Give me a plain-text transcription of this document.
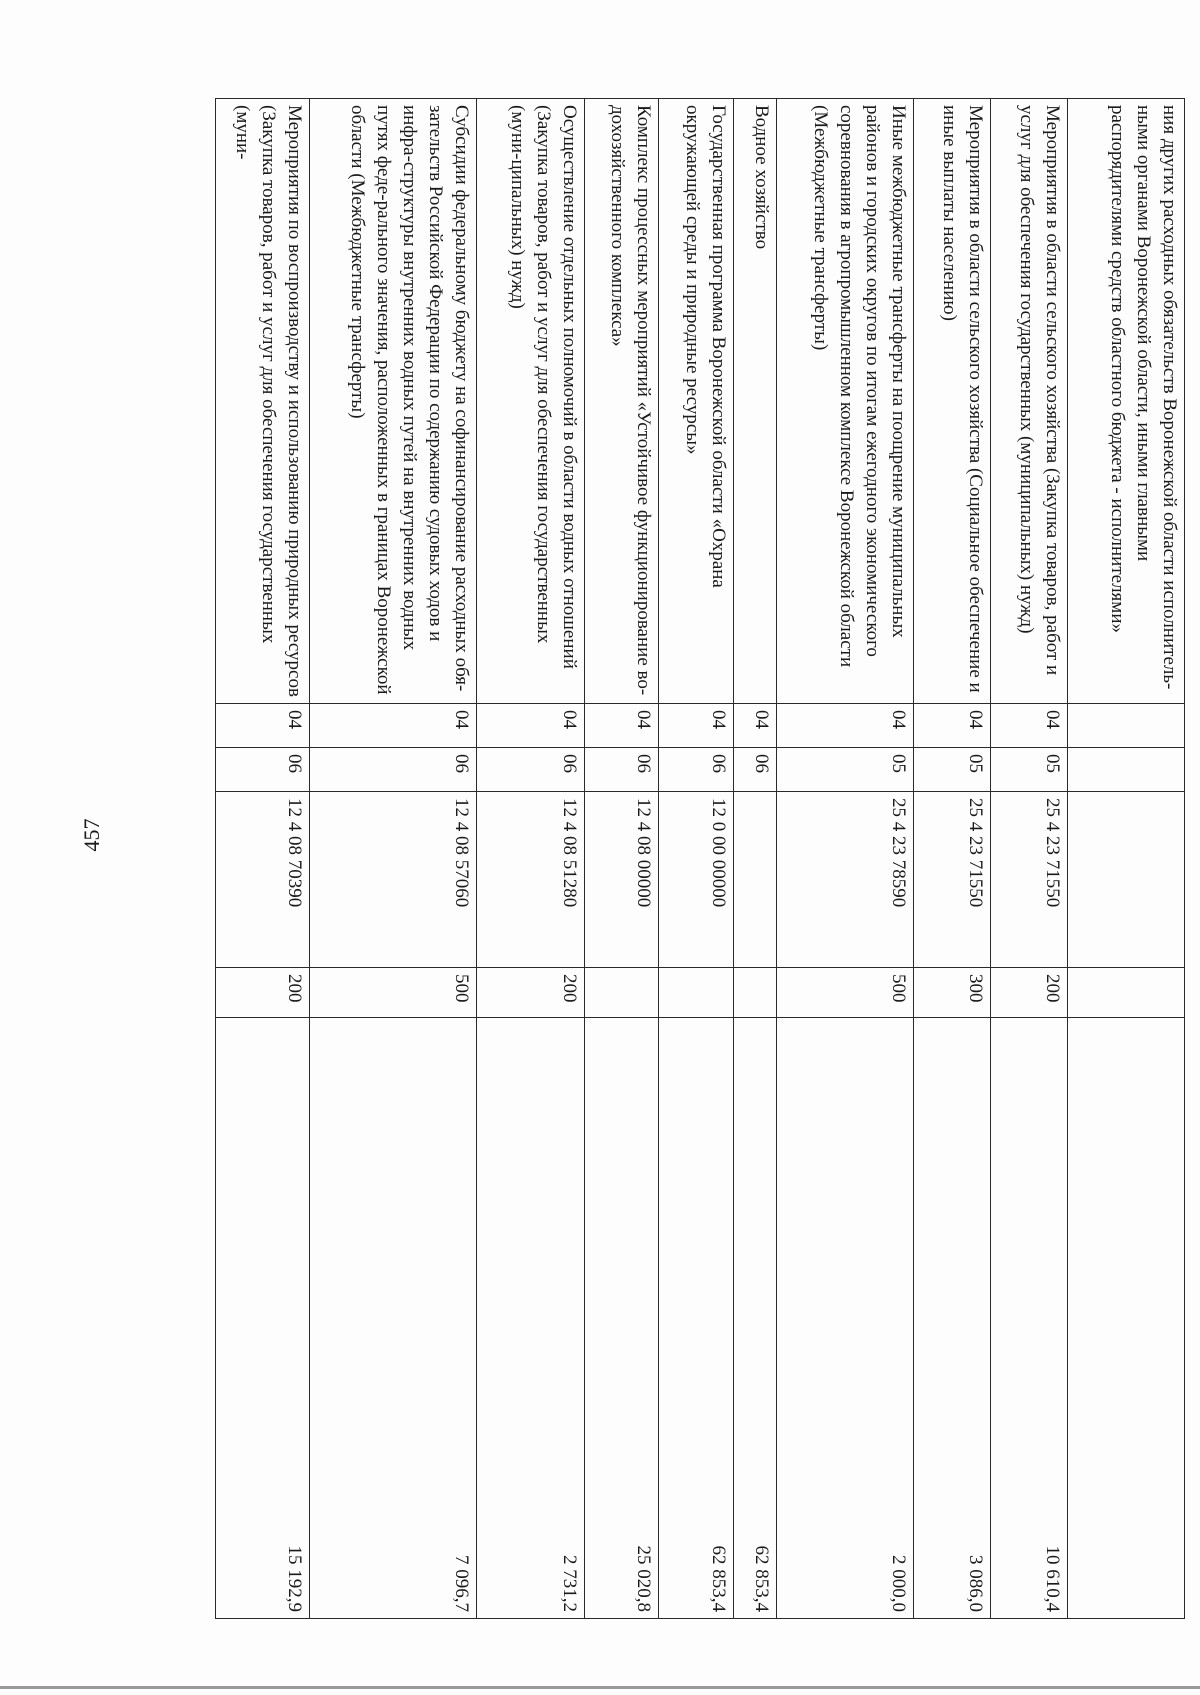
457
ния других расходных обязательств Воронежской области исполнитель-ными органами Воронежской области, иными главными распорядителями средств областного бюджета - исполнителями»					
Мероприятия в области сельского хозяйства (Закупка товаров, работ и услуг для обеспечения государственных (муниципальных) нужд)	04	05	25 4 23 71550	200	10 610,4
Мероприятия в области сельского хозяйства (Социальное обеспечение и иные выплаты населению)	04	05	25 4 23 71550	300	3 086,0
Иные межбюджетные трансферты на поощрение муниципальных районов и городских округов по итогам ежегодного экономического соревнования в агропромышленном комплексе Воронежской области (Межбюджетные трансферты)	04	05	25 4 23 78590	500	2 000,0
Водное хозяйство	04	06			62 853,4
Государственная программа Воронежской области «Охрана окружающей среды и природные ресурсы»	04	06	12 0 00 00000		62 853,4
Комплекс процессных мероприятий «Устойчивое функционирование во-дохозяйственного комплекса»	04	06	12 4 08 00000		25 020,8
Осуществление отдельных полномочий в области водных отношений (Закупка товаров, работ и услуг для обеспечения государственных (муни-ципальных) нужд)	04	06	12 4 08 51280	200	2 731,2
Субсидии федеральному бюджету на софинансирование расходных обя-зательств Российской Федерации по содержанию судовых ходов и инфра-структуры внутренних водных путей на внутренних водных путях феде-рального значения, расположенных в границах Воронежской области (Межбюджетные трансферты)	04	06	12 4 08 57060	500	7 096,7
Мероприятия по воспроизводству и использованию природных ресурсов (Закупка товаров, работ и услуг для обеспечения государственных (муни-	04	06	12 4 08 70390	200	15 192,9
